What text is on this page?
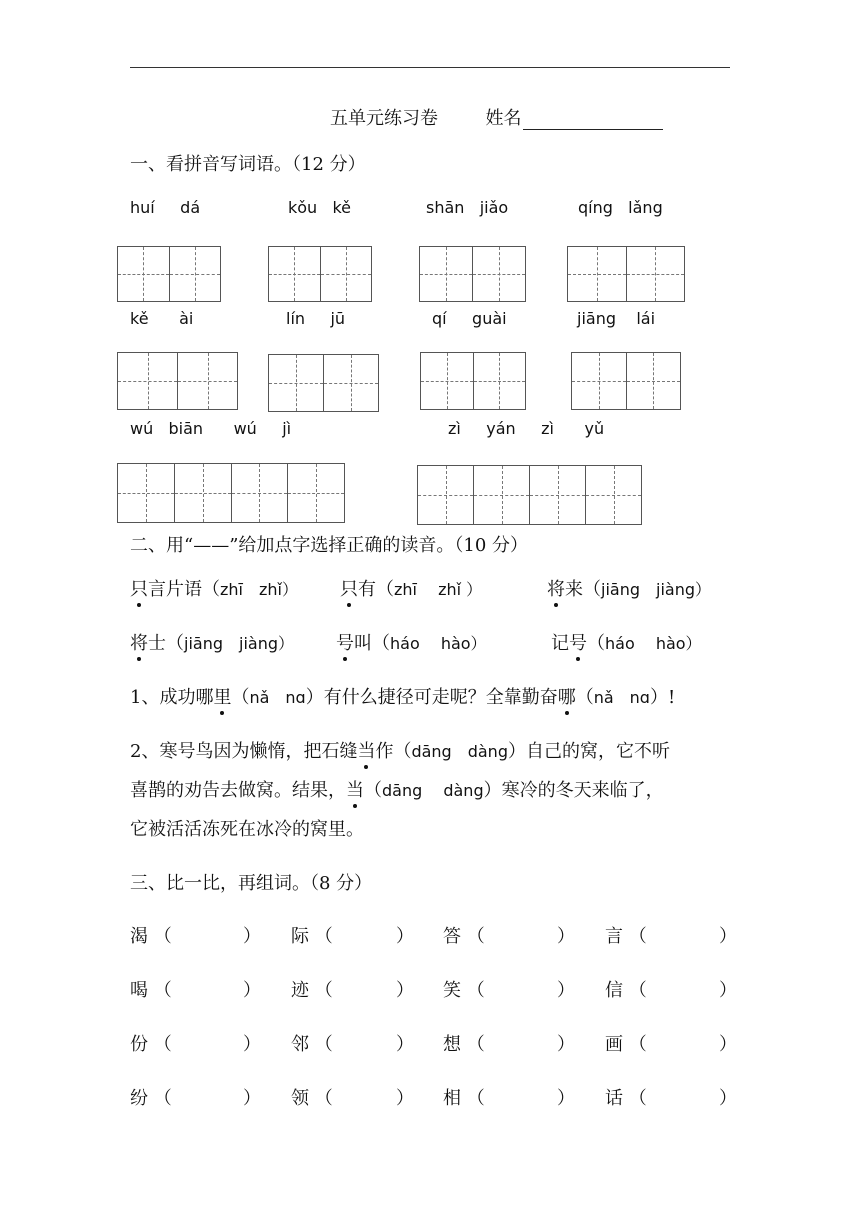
五单元练习卷	姓名
一、看拼音写词语。（12 分）
huí dá	kǒu kě	shān jiǎo	qíng lǎng
kě ài	lín jū	qí guài	jiāng lái
wú biān wú jì	zì yán zì yǔ
二、用“——”给加点字选择正确的读音。（10 分）
只言片语（zhī　zhǐ） 只有（zhī　 zhǐ ）	将来（jiāng　jiàng）
将士（jiāng　jiàng） 号叫（háo　 hào）	记号（háo　 hào）
1、成功哪里（nǎ　nɑ）有什么捷径可走呢？全靠勤奋哪（nǎ　nɑ）!
2、寒号鸟因为懒惰，把石缝当作（dāng　dàng）自己的窝，它不听
喜鹊的劝告去做窝。结果，当（dāng　 dàng）寒冷的冬天来临了，
它被活活冻死在冰冷的窝里。
三、比一比，再组词。（8 分）
渴 （	） 际 （	） 答 （	） 言 （	）
喝 （	） 迹 （	） 笑 （	） 信 （	）
份 （	） 邻 （	） 想 （	） 画 （	）
纷 （	） 领 （	） 相 （	） 话 （	）
